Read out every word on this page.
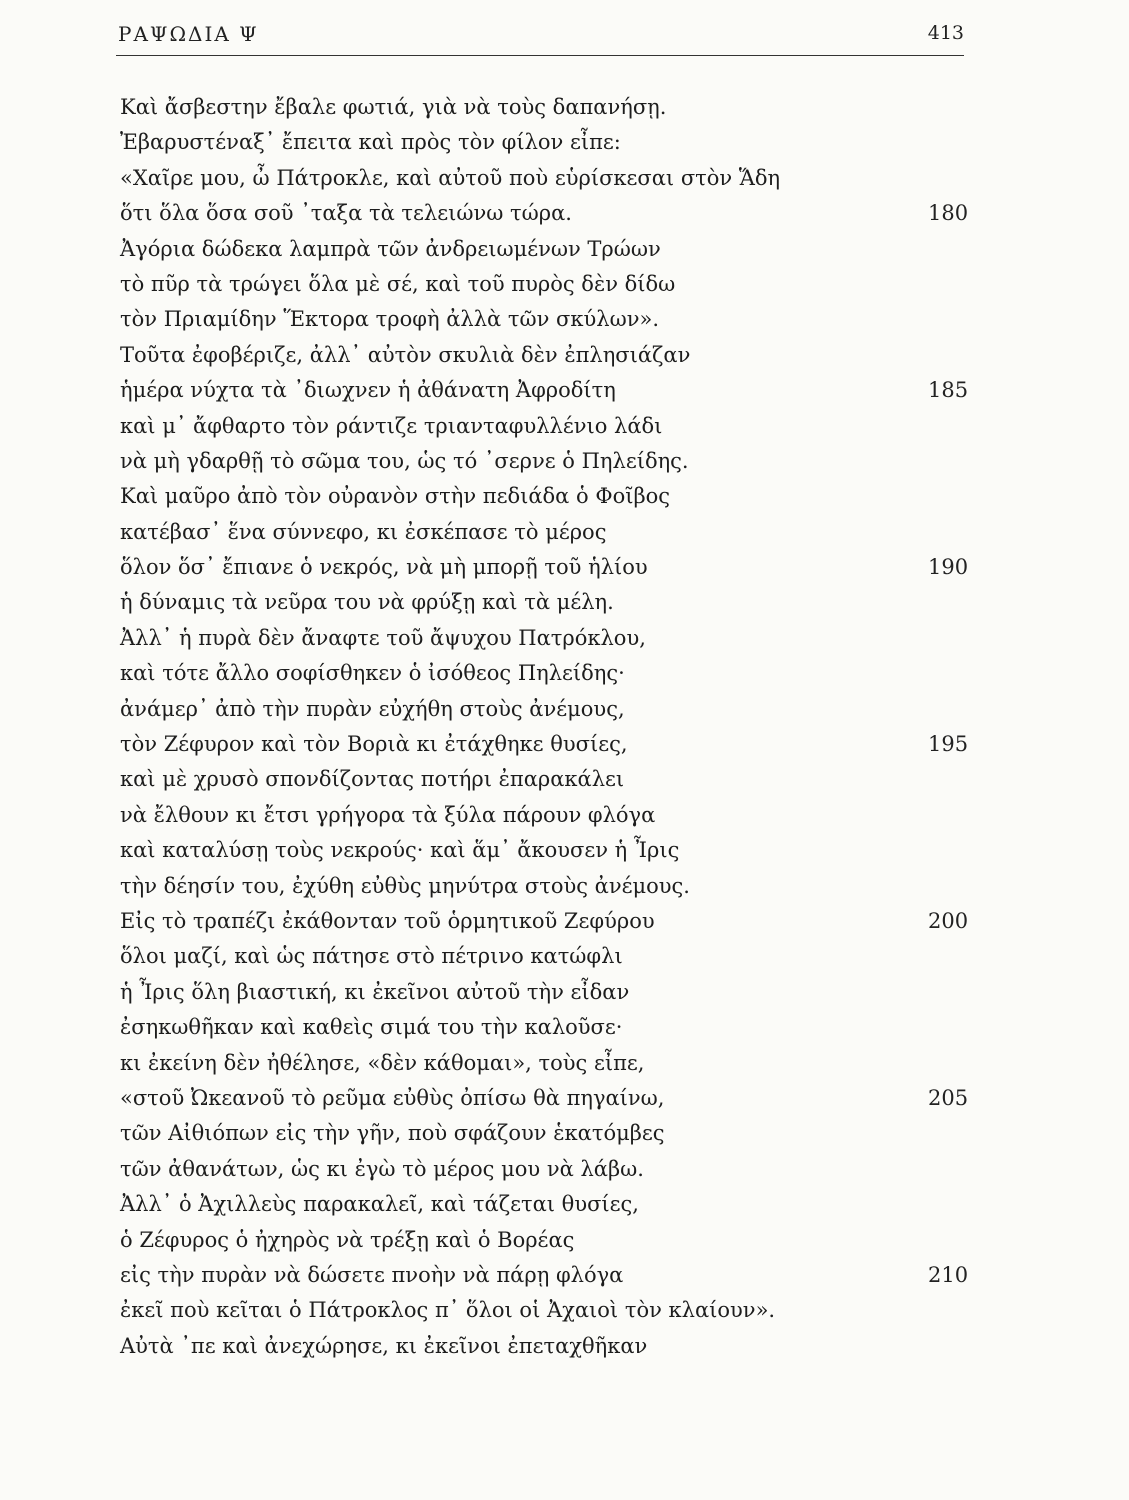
ΡΑΨΩΔΙΑ Ψ	413
Καὶ ἄσβεστην ἔβαλε φωτιά, γιὰ νὰ τοὺς δαπανήσῃ.
Ἐβαρυστέναξ᾿ ἔπειτα καὶ πρὸς τὸν φίλον εἶπε:
«Χαῖρε μου, ὦ Πάτροκλε, καὶ αὐτοῦ ποὺ εὑρίσκεσαι στὸν Ἅδη
ὅτι ὅλα ὅσα σοῦ ᾽ταξα τὰ τελειώνω τώρα.	180
Ἀγόρια δώδεκα λαμπρὰ τῶν ἀνδρειωμένων Τρώων
τὸ πῦρ τὰ τρώγει ὅλα μὲ σέ, καὶ τοῦ πυρὸς δὲν δίδω
τὸν Πριαμίδην Ἕκτορα τροφὴ ἀλλὰ τῶν σκύλων».
Τοῦτα ἐφοβέριζε, ἀλλ᾿ αὐτὸν σκυλιὰ δὲν ἐπλησιάζαν
ἡμέρα νύχτα τὰ ᾽διωχνεν ἡ ἀθάνατη Ἀφροδίτη	185
καὶ μ᾿ ἄφθαρτο τὸν ράντιζε τριανταφυλλένιο λάδι
νὰ μὴ γδαρθῇ τὸ σῶμα του, ὡς τό ᾽σερνε ὁ Πηλείδης.
Καὶ μαῦρο ἀπὸ τὸν οὐρανὸν στὴν πεδιάδα ὁ Φοῖβος
κατέβασ᾿ ἕνα σύννεφο, κι ἐσκέπασε τὸ μέρος
ὅλον ὅσ᾿ ἔπιανε ὁ νεκρός, νὰ μὴ μπορῇ τοῦ ἡλίου	190
ἡ δύναμις τὰ νεῦρα του νὰ φρύξῃ καὶ τὰ μέλη.
Ἀλλ᾿ ἡ πυρὰ δὲν ἄναφτε τοῦ ἄψυχου Πατρόκλου,
καὶ τότε ἄλλο σοφίσθηκεν ὁ ἰσόθεος Πηλείδης·
ἀνάμερ᾿ ἀπὸ τὴν πυρὰν εὐχήθη στοὺς ἀνέμους,
τὸν Ζέφυρον καὶ τὸν Βοριὰ κι ἐτάχθηκε θυσίες,	195
καὶ μὲ χρυσὸ σπονδίζοντας ποτήρι ἐπαρακάλει
νὰ ἔλθουν κι ἔτσι γρήγορα τὰ ξύλα πάρουν φλόγα
καὶ καταλύσῃ τοὺς νεκρούς· καὶ ἅμ᾿ ἄκουσεν ἡ Ἶρις
τὴν δέησίν του, ἐχύθη εὐθὺς μηνύτρα στοὺς ἀνέμους.
Εἰς τὸ τραπέζι ἐκάθονταν τοῦ ὁρμητικοῦ Ζεφύρου	200
ὅλοι μαζί, καὶ ὡς πάτησε στὸ πέτρινο κατώφλι
ἡ Ἶρις ὅλη βιαστική, κι ἐκεῖνοι αὐτοῦ τὴν εἶδαν
ἐσηκωθῆκαν καὶ καθεὶς σιμά του τὴν καλοῦσε·
κι ἐκείνη δὲν ἠθέλησε, «δὲν κάθομαι», τοὺς εἶπε,
«στοῦ Ὠκεανοῦ τὸ ρεῦμα εὐθὺς ὀπίσω θὰ πηγαίνω,	205
τῶν Αἰθιόπων εἰς τὴν γῆν, ποὺ σφάζουν ἑκατόμβες
τῶν ἀθανάτων, ὡς κι ἐγὼ τὸ μέρος μου νὰ λάβω.
Ἀλλ᾿ ὁ Ἀχιλλεὺς παρακαλεῖ, καὶ τάζεται θυσίες,
ὁ Ζέφυρος ὁ ἠχηρὸς νὰ τρέξῃ καὶ ὁ Βορέας
εἰς τὴν πυρὰν νὰ δώσετε πνοὴν νὰ πάρῃ φλόγα	210
ἐκεῖ ποὺ κεῖται ὁ Πάτροκλος π᾿ ὅλοι οἱ Ἀχαιοὶ τὸν κλαίουν».
Αὐτὰ ᾽πε καὶ ἀνεχώρησε, κι ἐκεῖνοι ἐπεταχθῆκαν
